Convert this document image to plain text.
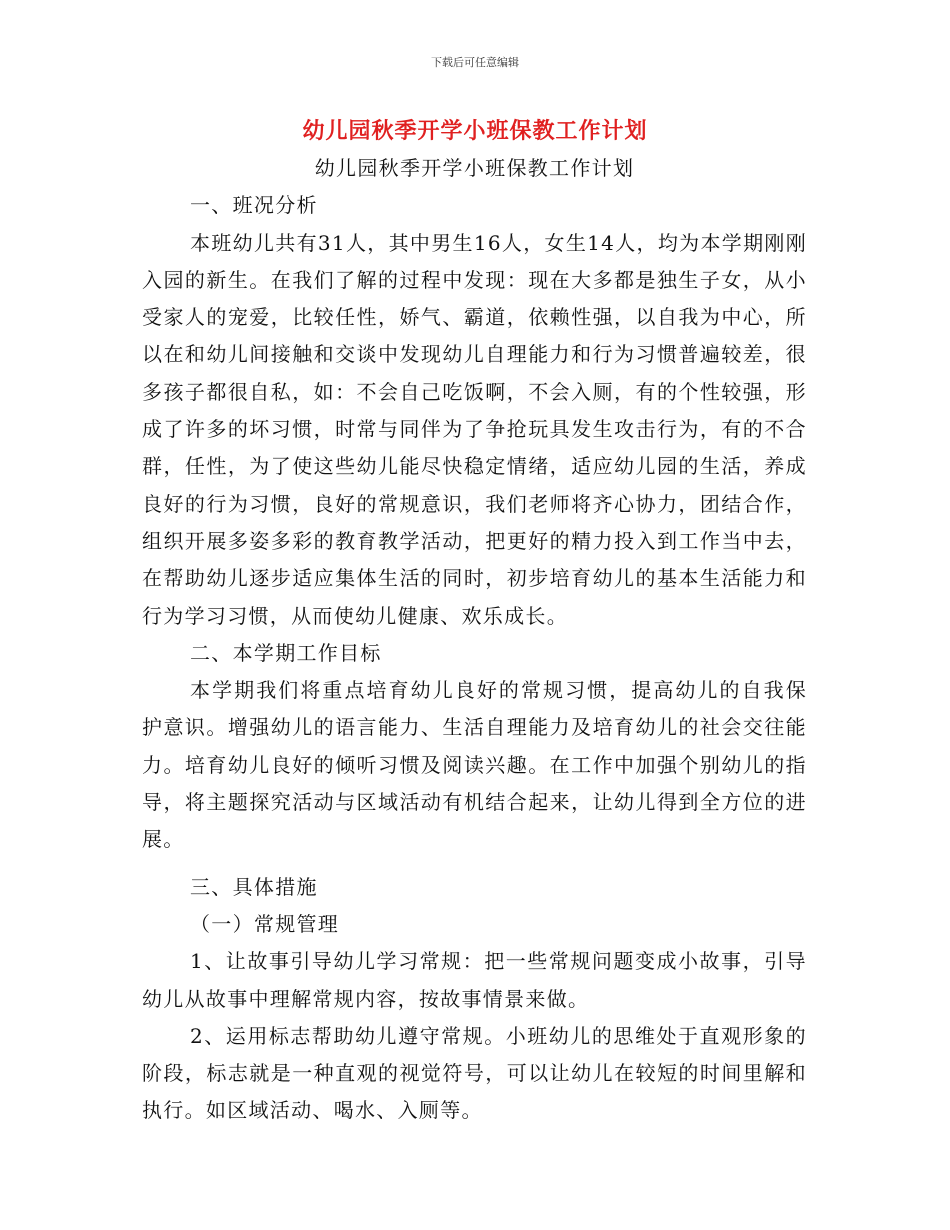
下载后可任意编辑
幼儿园秋季开学小班保教工作计划

幼儿园秋季开学小班保教工作计划

一、班况分析

本班幼儿共有31人，其中男生16人，女生14人，均为本学期刚刚入园的新生。在我们了解的过程中发现：现在大多都是独生子女，从小受家人的宠爱，比较任性，娇气、霸道，依赖性强，以自我为中心，所以在和幼儿间接触和交谈中发现幼儿自理能力和行为习惯普遍较差，很多孩子都很自私，如：不会自己吃饭啊，不会入厕，有的个性较强，形成了许多的坏习惯，时常与同伴为了争抢玩具发生攻击行为，有的不合群，任性，为了使这些幼儿能尽快稳定情绪，适应幼儿园的生活，养成良好的行为习惯，良好的常规意识，我们老师将齐心协力，团结合作，组织开展多姿多彩的教育教学活动，把更好的精力投入到工作当中去，在帮助幼儿逐步适应集体生活的同时，初步培育幼儿的基本生活能力和行为学习习惯，从而使幼儿健康、欢乐成长。

二、本学期工作目标

本学期我们将重点培育幼儿良好的常规习惯，提高幼儿的自我保护意识。增强幼儿的语言能力、生活自理能力及培育幼儿的社会交往能力。培育幼儿良好的倾听习惯及阅读兴趣。在工作中加强个别幼儿的指导，将主题探究活动与区域活动有机结合起来，让幼儿得到全方位的进展。

三、具体措施

（一）常规管理

1、让故事引导幼儿学习常规：把一些常规问题变成小故事，引导幼儿从故事中理解常规内容，按故事情景来做。

2、运用标志帮助幼儿遵守常规。小班幼儿的思维处于直观形象的阶段，标志就是一种直观的视觉符号，可以让幼儿在较短的时间里解和执行。如区域活动、喝水、入厕等。
